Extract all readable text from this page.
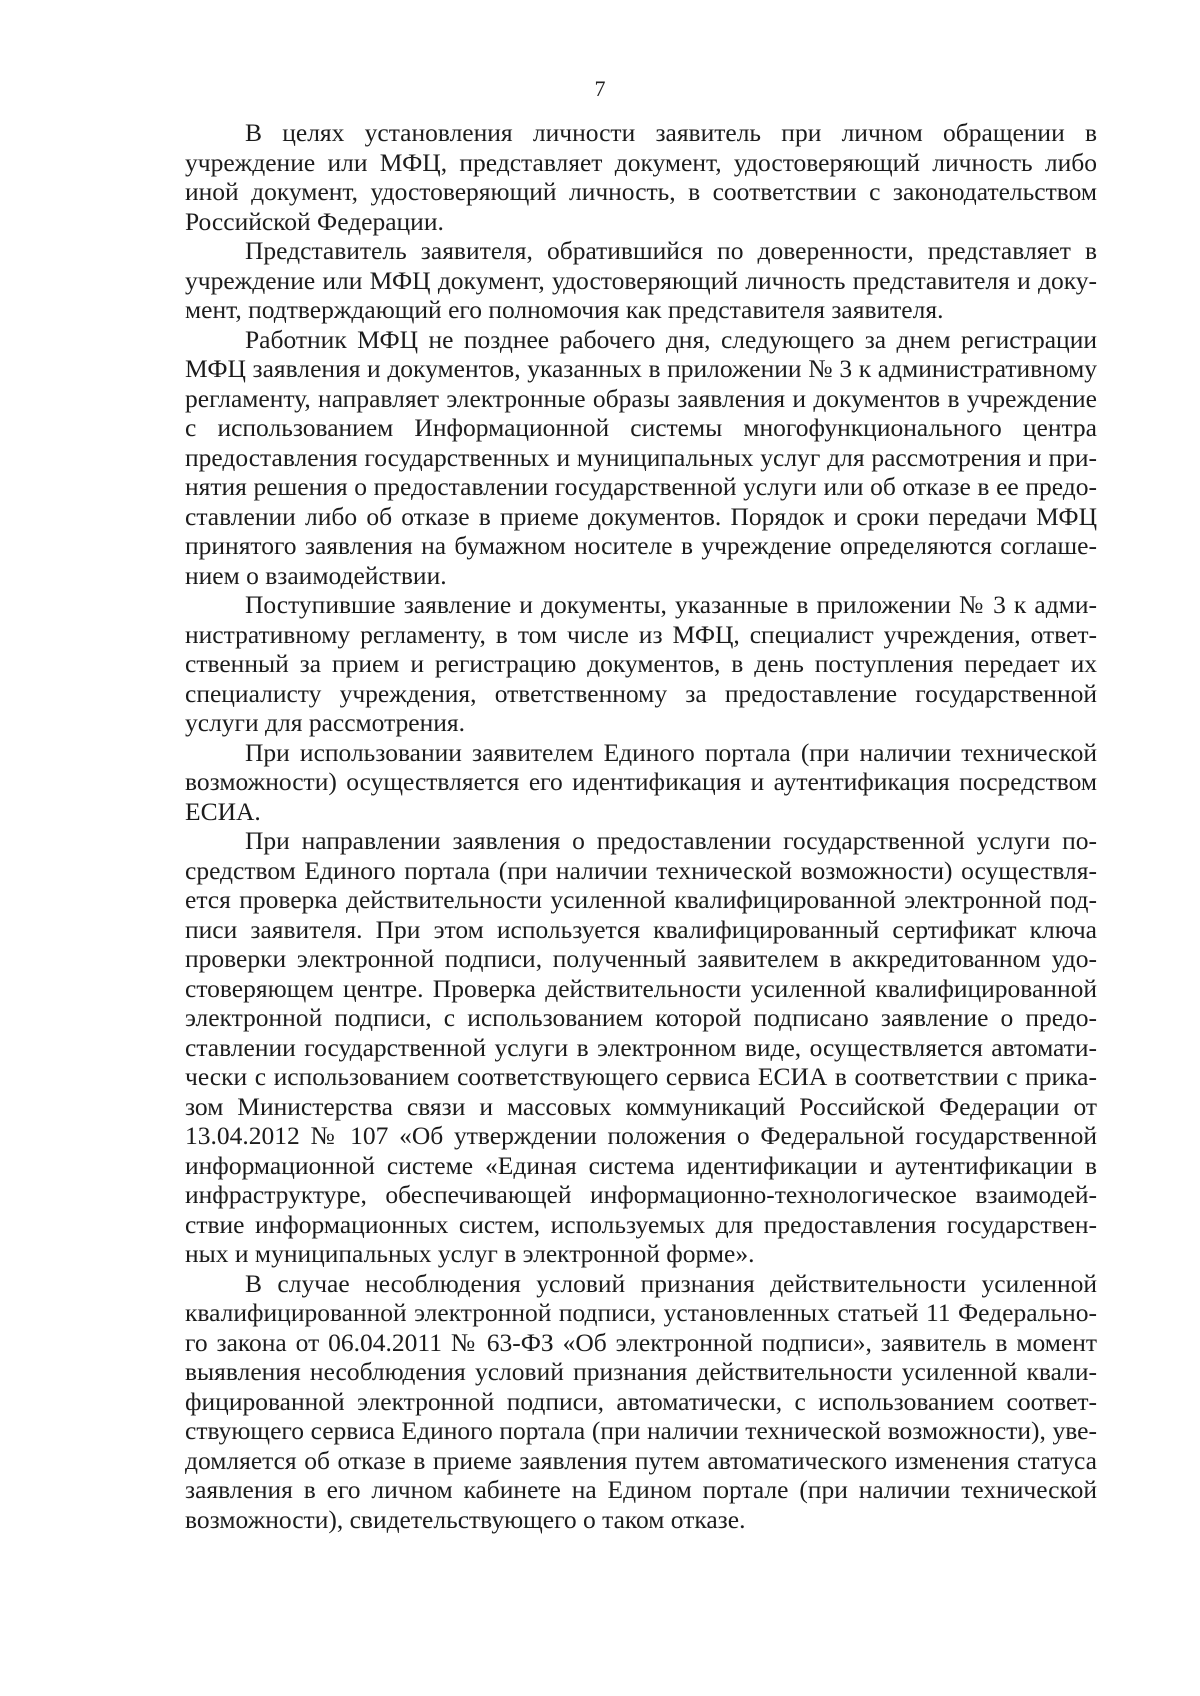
7

В целях установления личности заявитель при личном обращении в учреждение или МФЦ, представляет документ, удостоверяющий личность либо иной документ, удостоверяющий личность, в соответствии с законодательством Российской Федерации.

Представитель заявителя, обратившийся по доверенности, представляет в учреждение или МФЦ документ, удостоверяющий личность представителя и документ, подтверждающий его полномочия как представителя заявителя.

Работник МФЦ не позднее рабочего дня, следующего за днем регистрации МФЦ заявления и документов, указанных в приложении № 3 к административному регламенту, направляет электронные образы заявления и документов в учреждение с использованием Информационной системы многофункционального центра предоставления государственных и муниципальных услуг для рассмотрения и принятия решения о предоставлении государственной услуги или об отказе в ее предоставлении либо об отказе в приеме документов. Порядок и сроки передачи МФЦ принятого заявления на бумажном носителе в учреждение определяются соглашением о взаимодействии.

Поступившие заявление и документы, указанные в приложении № 3 к административному регламенту, в том числе из МФЦ, специалист учреждения, ответственный за прием и регистрацию документов, в день поступления передает их специалисту учреждения, ответственному за предоставление государственной услуги для рассмотрения.

При использовании заявителем Единого портала (при наличии технической возможности) осуществляется его идентификация и аутентификация посредством ЕСИА.

При направлении заявления о предоставлении государственной услуги посредством Единого портала (при наличии технической возможности) осуществляется проверка действительности усиленной квалифицированной электронной подписи заявителя. При этом используется квалифицированный сертификат ключа проверки электронной подписи, полученный заявителем в аккредитованном удостоверяющем центре. Проверка действительности усиленной квалифицированной электронной подписи, с использованием которой подписано заявление о предоставлении государственной услуги в электронном виде, осуществляется автоматически с использованием соответствующего сервиса ЕСИА в соответствии с приказом Министерства связи и массовых коммуникаций Российской Федерации от 13.04.2012 № 107 «Об утверждении положения о Федеральной государственной информационной системе «Единая система идентификации и аутентификации в инфраструктуре, обеспечивающей информационно-технологическое взаимодействие информационных систем, используемых для предоставления государственных и муниципальных услуг в электронной форме».

В случае несоблюдения условий признания действительности усиленной квалифицированной электронной подписи, установленных статьей 11 Федерального закона от 06.04.2011 № 63-ФЗ «Об электронной подписи», заявитель в момент выявления несоблюдения условий признания действительности усиленной квалифицированной электронной подписи, автоматически, с использованием соответствующего сервиса Единого портала (при наличии технической возможности), уведомляется об отказе в приеме заявления путем автоматического изменения статуса заявления в его личном кабинете на Едином портале (при наличии технической возможности), свидетельствующего о таком отказе.
